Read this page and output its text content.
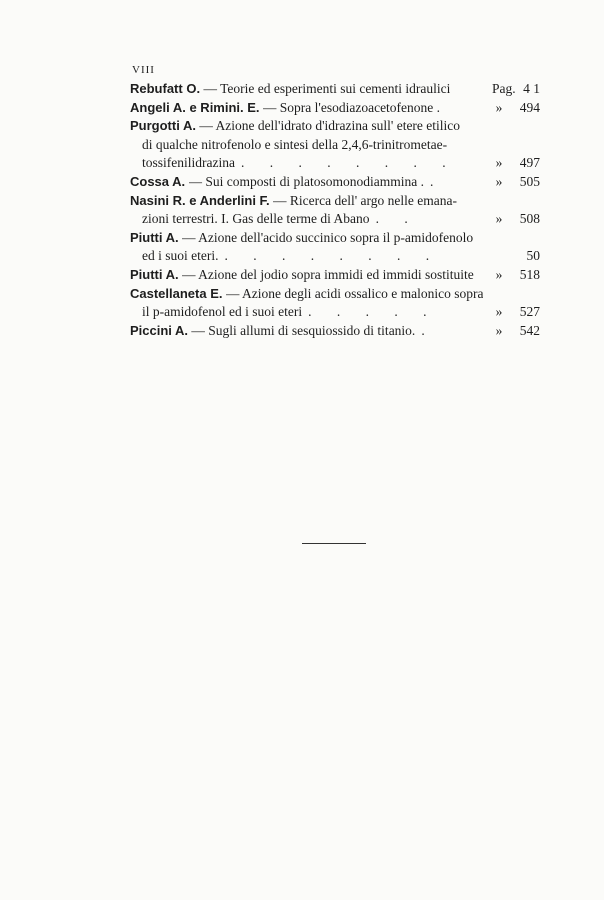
VIII
Rebufatt O.
— Teorie ed esperimenti sui cementi idraulici	Pag. 4 1
Angeli A. e Rimini. E.
— Sopra l'esodiazoacetofenone .	»	494
Purgotti A.
— Azione dell'idrato d'idrazina sull' etere etilico
di qualche nitrofenolo e sintesi della 2,4,6-trinitrometae-
tossifenilidrazina . . . . . . . .	»	497
Cossa A.
— Sui composti di platosomonodiammina . .	»	505
Nasini R. e Anderlini F.
— Ricerca dell' argo nelle emana-
zioni terrestri. I. Gas delle terme di Abano . .	»	508
Piutti A.
— Azione dell'acido succinico sopra il p-amidofenolo
ed i suoi eteri. . . . . . . . .	50
Piutti A.
— Azione del jodio sopra immidi ed immidi sostituite »	518
Castellaneta E.
— Azione degli acidi ossalico e malonico sopra
il p-amidofenol ed i suoi eteri . . . . .	»	527
Piccini A.
— Sugli allumi di sesquiossido di titanio. .	»	542
